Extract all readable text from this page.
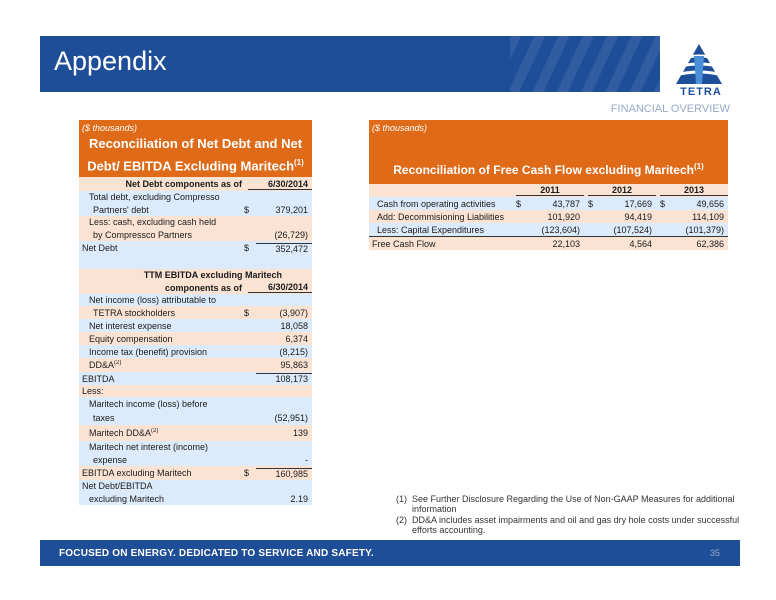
Appendix
TETRA
FINANCIAL OVERVIEW
($ thousands)
Reconciliation of Net Debt and Net Debt/ EBITDA Excluding Maritech$^{(1)}$
Net Debt components as of	6/30/2014
Total debt, excluding Compresso
Partners' debt	$	379,201
Less: cash, excluding cash held
by Compressco Partners	(26,729)
Net Debt	$	352,472
TTM EBITDA excluding Maritech
components as of	6/30/2014
Net income (loss) attributable to
TETRA stockholders	$	(3,907)
Net interest expense	18,058
Equity compensation	6,374
Income tax (benefit) provision	(8,215)
$DD\&A^{(2)}$	95,863
EBITDA	108,173
Less:
Maritech income (loss) before
taxes	(52,951)
Maritech $DD\&A^{(2)}$	139
Maritech net interest (income)
expense	-
EBITDA excluding Maritech	$	160,985
Net Debt/EBITDA
excluding Maritech	2.19
($ thousands)
Reconciliation of Free Cash Flow excluding Maritech$^{(1)}$
2011	2012	2013
Cash from operating activities	$	43,787 $	17,669 $	49,656
Add: Decommisioning Liabilities	101,920	94,419	114,109
Less: Capital Expenditures	(123,604)	(107,524)	(101,379)
Free Cash Flow	22,103	4,564	62,386
(1) See Further Disclosure Regarding the Use of Non-GAAP Measures for additional information
(2) DD&A includes asset impairments and oil and gas dry hole costs under successful efforts accounting.
FOCUSED ON ENERGY. DEDICATED TO SERVICE AND SAFETY.	35
